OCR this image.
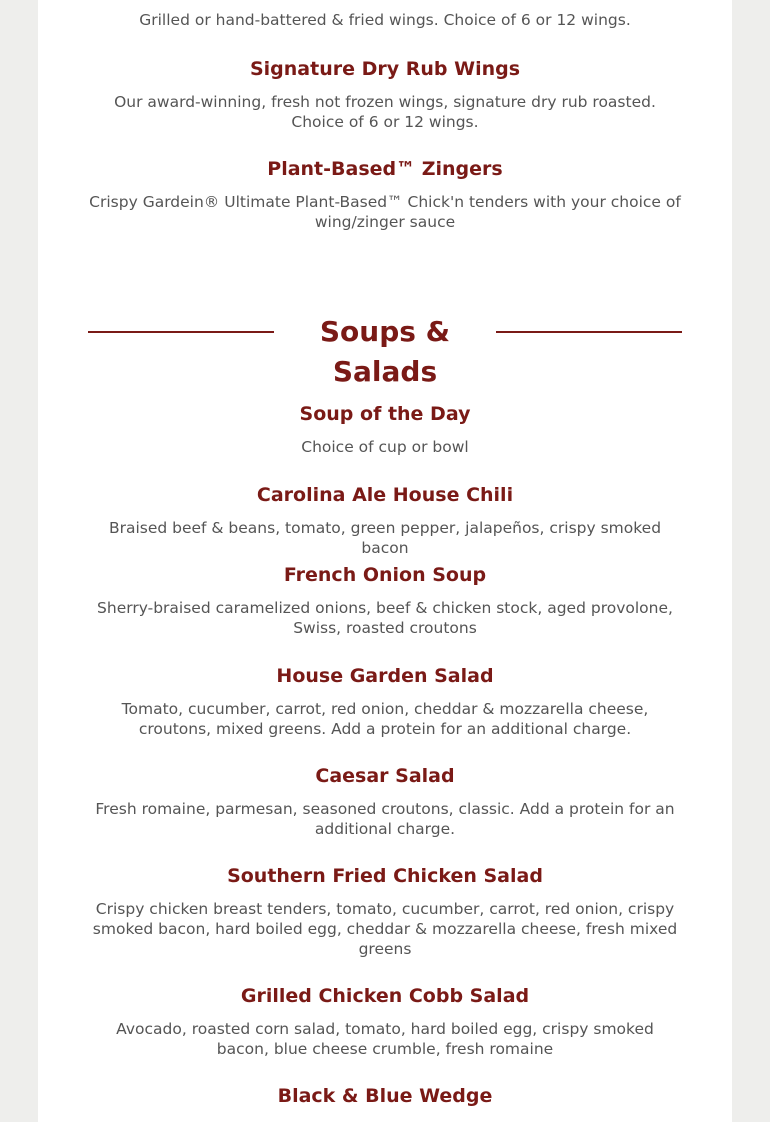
Grilled or hand-battered & fried wings. Choice of 6 or 12 wings.

Signature Dry Rub Wings

Our award-winning, fresh not frozen wings, signature dry rub roasted. Choice of 6 or 12 wings.

Plant-Based™ Zingers

Crispy Gardein® Ultimate Plant-Based™ Chick'n tenders with your choice of wing/zinger sauce

Soups & Salads
Soup of the Day

Choice of cup or bowl

Carolina Ale House Chili

Braised beef & beans, tomato, green pepper, jalapeños, crispy smoked bacon

French Onion Soup

Sherry-braised caramelized onions, beef & chicken stock, aged provolone, Swiss, roasted croutons

House Garden Salad

Tomato, cucumber, carrot, red onion, cheddar & mozzarella cheese, croutons, mixed greens. Add a protein for an additional charge.

Caesar Salad

Fresh romaine, parmesan, seasoned croutons, classic. Add a protein for an additional charge.

Southern Fried Chicken Salad

Crispy chicken breast tenders, tomato, cucumber, carrot, red onion, crispy smoked bacon, hard boiled egg, cheddar & mozzarella cheese, fresh mixed greens

Grilled Chicken Cobb Salad

Avocado, roasted corn salad, tomato, hard boiled egg, crispy smoked bacon, blue cheese crumble, fresh romaine

Black & Blue Wedge
